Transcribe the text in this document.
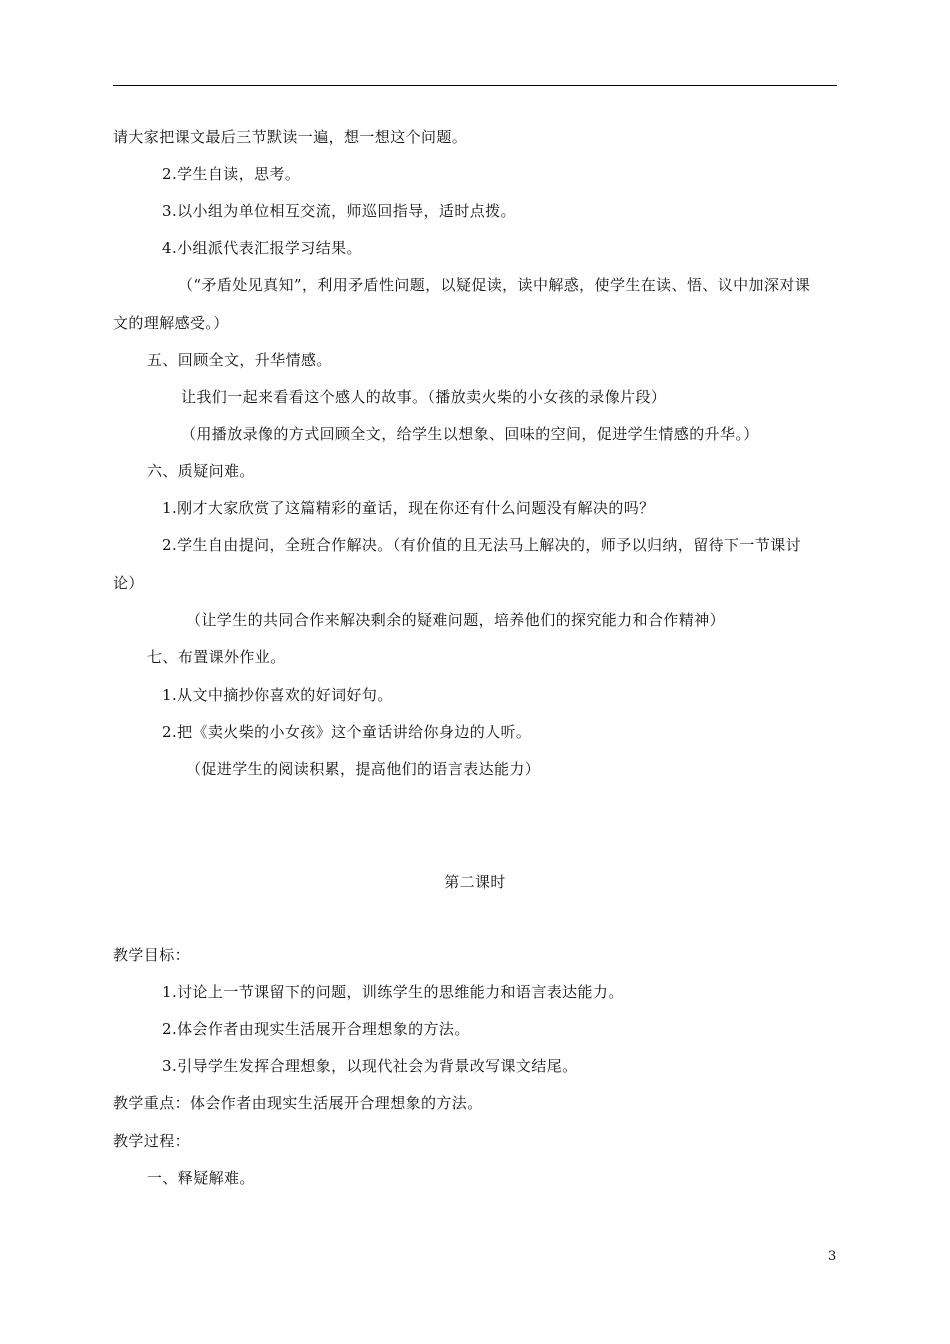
请大家把课文最后三节默读一遍，想一想这个问题。
2.学生自读，思考。
3.以小组为单位相互交流，师巡回指导，适时点拨。
4.小组派代表汇报学习结果。
（“矛盾处见真知”，利用矛盾性问题，以疑促读，读中解惑，使学生在读、悟、议中加深对课
文的理解感受。）
五、回顾全文，升华情感。
让我们一起来看看这个感人的故事。（播放卖火柴的小女孩的录像片段）
（用播放录像的方式回顾全文，给学生以想象、回味的空间，促进学生情感的升华。）
六、质疑问难。
1.刚才大家欣赏了这篇精彩的童话，现在你还有什么问题没有解决的吗？
2.学生自由提问，全班合作解决。（有价值的且无法马上解决的，师予以归纳，留待下一节课讨
论）
（让学生的共同合作来解决剩余的疑难问题，培养他们的探究能力和合作精神）
七、布置课外作业。
1.从文中摘抄你喜欢的好词好句。
2.把《卖火柴的小女孩》这个童话讲给你身边的人听。
（促进学生的阅读积累，提高他们的语言表达能力）
第二课时
教学目标：
1.讨论上一节课留下的问题，训练学生的思维能力和语言表达能力。
2.体会作者由现实生活展开合理想象的方法。
3.引导学生发挥合理想象，以现代社会为背景改写课文结尾。
教学重点：体会作者由现实生活展开合理想象的方法。
教学过程：
一、释疑解难。
3
